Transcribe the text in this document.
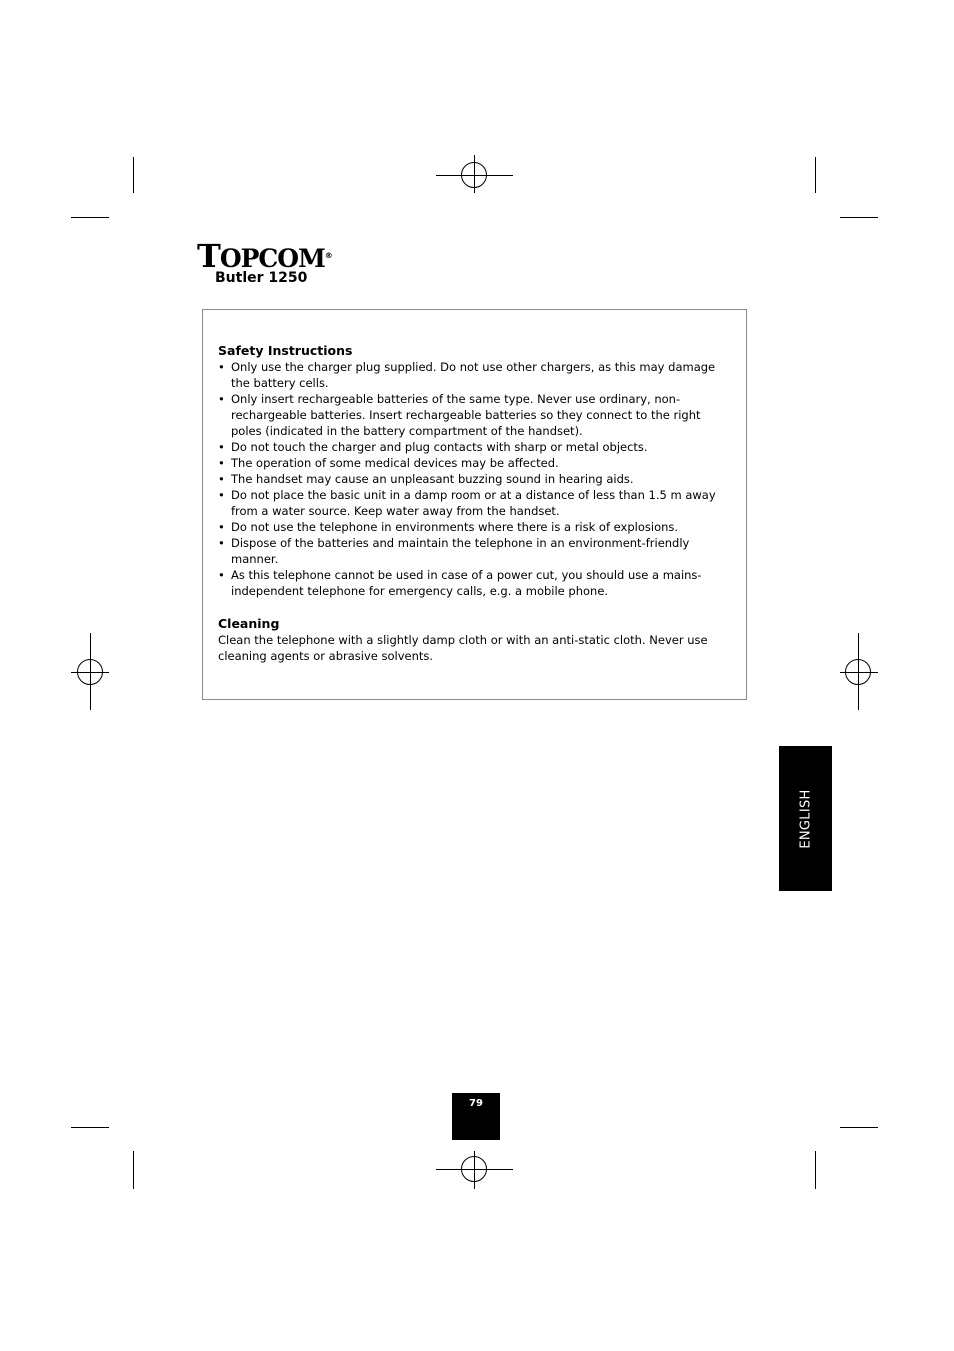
TOPCOM®
Butler 1250
Safety Instructions
• Only use the charger plug supplied. Do not use other chargers, as this may damage the battery cells.
• Only insert rechargeable batteries of the same type. Never use ordinary, non-rechargeable batteries. Insert rechargeable batteries so they connect to the right poles (indicated in the battery compartment of the handset).
• Do not touch the charger and plug contacts with sharp or metal objects.
• The operation of some medical devices may be affected.
• The handset may cause an unpleasant buzzing sound in hearing aids.
• Do not place the basic unit in a damp room or at a distance of less than 1.5 m away from a water source. Keep water away from the handset.
• Do not use the telephone in environments where there is a risk of explosions.
• Dispose of the batteries and maintain the telephone in an environment-friendly manner.
• As this telephone cannot be used in case of a power cut, you should use a mains-independent telephone for emergency calls, e.g. a mobile phone.
Cleaning

Clean the telephone with a slightly damp cloth or with an anti-static cloth. Never use cleaning agents or abrasive solvents.

ENGLISH
79
